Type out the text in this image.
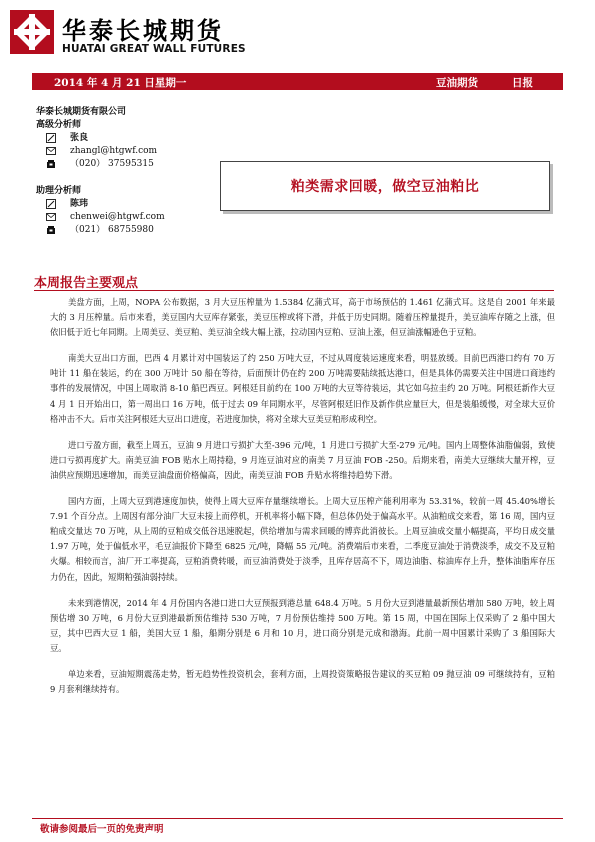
华泰长城期货
HUATAI GREAT WALL FUTURES
2014 年 4 月 21 日星期一	豆油期货	日报
华泰长城期货有限公司
高级分析师
张良
zhangl@htgwf.com
（020） 37595315
助理分析师
陈玮
chenwei@htgwf.com
（021） 68755980
粕类需求回暖，做空豆油粕比
本周报告主要观点

美盘方面，上周，NOPA 公布数据，3 月大豆压榨量为 1.5384 亿蒲式耳，高于市场预估的 1.461 亿蒲式耳。这是自 2001 年来最大的 3 月压榨量。后市来看，美豆国内大豆库存紧张，美豆压榨或将下滑，并低于历史同期。随着压榨量提升，美豆油库存随之上涨，但依旧低于近七年同期。上周美豆、美豆粕、美豆油全线大幅上涨，拉动国内豆粕、豆油上涨，但豆油涨幅逊色于豆粕。

南美大豆出口方面，巴西 4 月累计对中国装运了约 250 万吨大豆，不过从周度装运速度来看，明显放缓。目前巴西港口约有 70 万吨计 11 船在装运，约在 300 万吨计 50 船在等待，后面预计仍在约 200 万吨需要陆续抵达港口，但是具体仍需要关注中国进口商违约事件的发展情况，中国上周取消 8-10 船巴西豆。阿根廷目前约在 100 万吨的大豆等待装运，其它如乌拉圭约 20 万吨。阿根廷新作大豆 4 月 1 日开始出口，第一周出口 16 万吨，低于过去 09 年同期水平，尽管阿根廷旧作及新作供应量巨大，但是装船缓慢，对全球大豆价格冲击不大。后市关注阿根廷大豆出口进度，若进度加快，将对全球大豆美豆粕形成利空。

进口亏盈方面，截至上周五，豆油 9 月进口亏损扩大至-396 元/吨，1 月进口亏损扩大至-279 元/吨。国内上周整体油脂偏弱，致使进口亏损再度扩大。南美豆油 FOB 贴水上周持稳，9 月连豆油对应的南美 7 月豆油 FOB -250。后期来看，南美大豆继续大量开榨，豆油供应预期迅速增加，而美豆油盘面价格偏高，因此，南美豆油 FOB 升贴水将维持趋势下滑。

国内方面，上周大豆到港速度加快，使得上周大豆库存量继续增长。上周大豆压榨产能利用率为 53.31%，较前一周 45.40%增长 7.91 个百分点。上周因有部分油厂大豆未接上而停机，开机率将小幅下降，但总体仍处于偏高水平。从油粕成交来看，第 16 周，国内豆粕成交量达 70 万吨，从上周的豆粕成交低谷迅速脱起，供给增加与需求回暖的博弈此消彼长。上周豆油成交量小幅提高，平均日成交量 1.97 万吨，处于偏低水平，毛豆油报价下降至 6825 元/吨，降幅 55 元/吨。消费端后市来看，二季度豆油处于消费淡季，成交不及豆粕火爆。相较而言，油厂开工率提高，豆粕消费转暖，而豆油消费处于淡季，且库存居高不下，周边油脂、棕油库存上升，整体油脂库存压力仍在，因此，短期粕强油弱持续。

未来到港情况，2014 年 4 月份国内各港口进口大豆预报到港总量 648.4 万吨。5 月份大豆到港量最新预估增加 580 万吨，较上周预估增 30 万吨，6 月份大豆到港最新预估维持 530 万吨，7 月份预估维持 500 万吨。第 15 周，中国在国际上仅采购了 2 船中国大豆，其中巴西大豆 1 船，美国大豆 1 船，船期分别是 6 月和 10 月，进口商分别是元成和渤海。此前一周中国累计采购了 3 船国际大豆。

单边来看，豆油短期震荡走势，暂无趋势性投资机会，套利方面，上周投资策略报告建议的买豆粕 09 抛豆油 09 可继续持有，豆粕 9 月套利继续持有。

敬请参阅最后一页的免责声明
